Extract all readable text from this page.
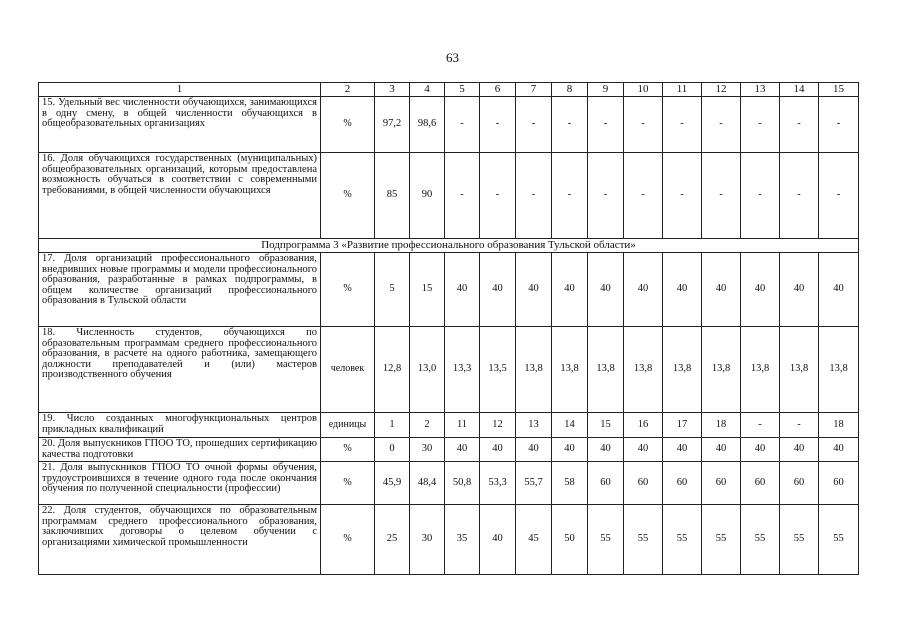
63
1	2	3	4	5	6	7	8	9	10	11	12	13	14	15
15. Удельный вес численности обучающихся, занимающихся в одну смену, в общей численности обучающихся в общеобразовательных организациях	%	97,2	98,6	-	-	-	-	-	-	-	-	-	-	-
16. Доля обучающихся государственных (муниципальных) общеобразовательных организаций, которым предоставлена возможность обучаться в соответствии с современными требованиями, в общей численности обучающихся	%	85	90	-	-	-	-	-	-	-	-	-	-	-
Подпрограмма 3 «Развитие профессионального образования Тульской области»														
17. Доля организаций профессионального образования, внедривших новые программы и модели профессионального образования, разработанные в рамках подпрограммы, в общем количестве организаций профессионального образования в Тульской области	%	5	15	40	40	40	40	40	40	40	40	40	40	40
18. Численность студентов, обучающихся по образовательным программам среднего профессионального образования, в расчете на одного работника, замещающего должности преподавателей и (или) мастеров производственного обучения	человек	12,8	13,0	13,3	13,5	13,8	13,8	13,8	13,8	13,8	13,8	13,8	13,8	13,8
19. Число созданных многофункциональных центров прикладных квалификаций	единицы	1	2	11	12	13	14	15	16	17	18	-	-	18
20. Доля выпускников ГПОО ТО, прошедших сертификацию качества подготовки	%	0	30	40	40	40	40	40	40	40	40	40	40	40
21. Доля выпускников ГПОО ТО очной формы обучения, трудоустроившихся в течение одного года после окончания обучения по полученной специальности (профессии)	%	45,9	48,4	50,8	53,3	55,7	58	60	60	60	60	60	60	60
22. Доля студентов, обучающихся по образовательным программам среднего профессионального образования, заключивших договоры о целевом обучении с организациями химической промышленности	%	25	30	35	40	45	50	55	55	55	55	55	55	55
